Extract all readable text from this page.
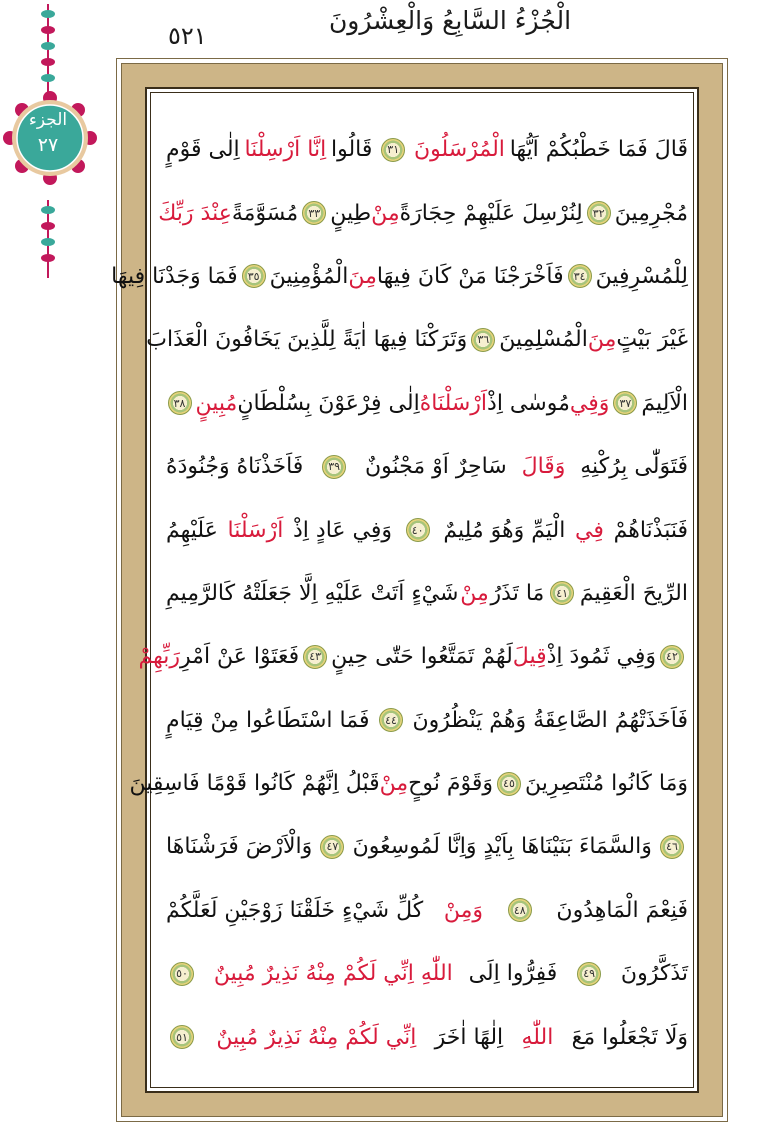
الْجُزْءُ السَّابِعُ وَالْعِشْرُونَ
٥٢١
الجزء
٢٧	قَالَ فَمَا خَطْبُكُمْ اَيُّهَا
الْمُرْسَلُونَ
٣١
قَالُوا
اِنَّا اَرْسِلْنَا
اِلٰى قَوْمٍ
مُجْرِمِينَ
٣٢
لِنُرْسِلَ عَلَيْهِمْ حِجَارَةً
مِنْ
طِينٍ
٣٣
مُسَوَّمَةً
عِنْدَ رَبِّكَ
لِلْمُسْرِفِينَ
٣٤
فَاَخْرَجْنَا مَنْ كَانَ فِيهَا
مِنَ
الْمُؤْمِنِينَ
٣٥
فَمَا وَجَدْنَا فِيهَا
غَيْرَ بَيْتٍ
مِنَ
الْمُسْلِمِينَ
٣٦
وَتَرَكْنَا فِيهَا اٰيَةً لِلَّذِينَ يَخَافُونَ الْعَذَابَ
الْاَلِيمَ
٣٧
وَفِي
مُوسٰى اِذْ
اَرْسَلْنَاهُ
اِلٰى فِرْعَوْنَ بِسُلْطَانٍ
مُبِينٍ
٣٨
فَتَوَلّٰى بِرُكْنِهِ
وَقَالَ
سَاحِرٌ اَوْ مَجْنُونٌ
٣٩
فَاَخَذْنَاهُ وَجُنُودَهُ
فَنَبَذْنَاهُمْ
فِي
الْيَمِّ وَهُوَ مُلِيمٌ
٤٠
وَفِي عَادٍ اِذْ
اَرْسَلْنَا
عَلَيْهِمُ
الرِّيحَ الْعَقِيمَ
٤١
مَا تَذَرُ
مِنْ
شَيْءٍ اَتَتْ عَلَيْهِ اِلَّا جَعَلَتْهُ كَالرَّمِيمِ
٤٢
وَفِي ثَمُودَ اِذْ
قِيلَ
لَهُمْ تَمَتَّعُوا حَتّٰى حِينٍ
٤٣
فَعَتَوْا عَنْ اَمْرِ
رَبِّهِمْ
فَاَخَذَتْهُمُ الصَّاعِقَةُ وَهُمْ يَنْظُرُونَ
٤٤
فَمَا اسْتَطَاعُوا مِنْ قِيَامٍ
وَمَا كَانُوا مُنْتَصِرِينَ
٤٥
وَقَوْمَ نُوحٍ
مِنْ
قَبْلُ اِنَّهُمْ كَانُوا قَوْمًا فَاسِقِينَ
٤٦
وَالسَّمَاءَ بَنَيْنَاهَا بِاَيْدٍ وَاِنَّا لَمُوسِعُونَ
٤٧
وَالْاَرْضَ فَرَشْنَاهَا
فَنِعْمَ الْمَاهِدُونَ
٤٨
وَمِنْ
كُلِّ شَيْءٍ خَلَقْنَا زَوْجَيْنِ لَعَلَّكُمْ
تَذَكَّرُونَ
٤٩
فَفِرُّوا اِلَى
اللّٰهِ اِنِّي لَكُمْ مِنْهُ نَذِيرٌ مُبِينٌ
٥٠
وَلَا تَجْعَلُوا مَعَ
اللّٰهِ
اِلٰهًا اٰخَرَ
اِنِّي لَكُمْ مِنْهُ نَذِيرٌ مُبِينٌ
٥١
